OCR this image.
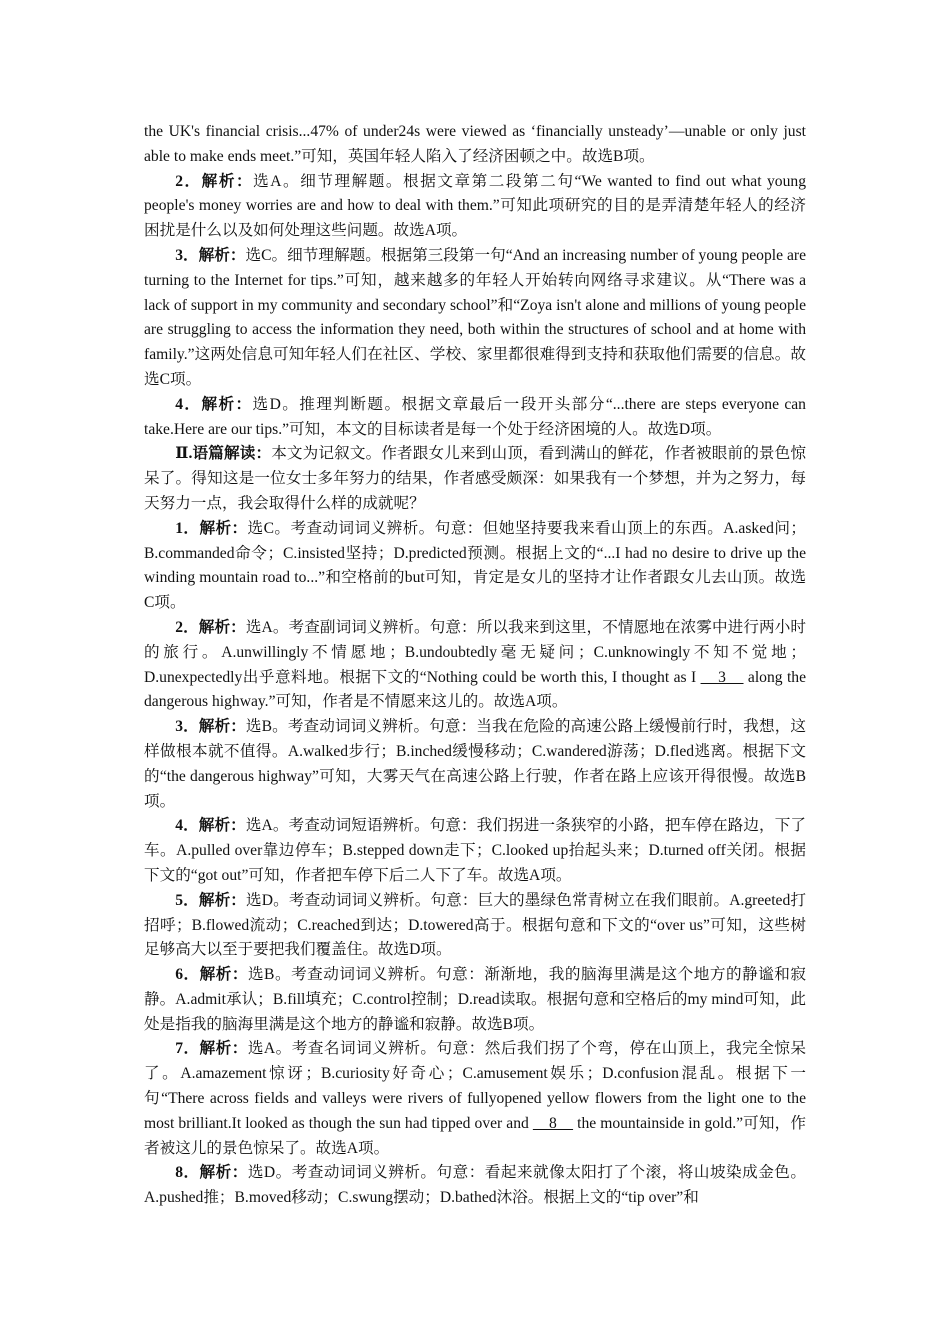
the UK's financial crisis...47% of under24s were viewed as ‘financially unsteady’—unable or only just able to make ends meet.”可知，英国年轻人陷入了经济困顿之中。故选B项。

2．解析：选A。细节理解题。根据文章第二段第二句“We wanted to find out what young people's money worries are and how to deal with them.”可知此项研究的目的是弄清楚年轻人的经济困扰是什么以及如何处理这些问题。故选A项。

3．解析：选C。细节理解题。根据第三段第一句“And an increasing number of young people are turning to the Internet for tips.”可知，越来越多的年轻人开始转向网络寻求建议。从“There was a lack of support in my community and secondary school”和“Zoya isn't alone and millions of young people are struggling to access the information they need, both within the structures of school and at home with family.”这两处信息可知年轻人们在社区、学校、家里都很难得到支持和获取他们需要的信息。故选C项。

4．解析：选D。推理判断题。根据文章最后一段开头部分“...there are steps everyone can take.Here are our tips.”可知，本文的目标读者是每一个处于经济困境的人。故选D项。

Ⅱ.语篇解读：本文为记叙文。作者跟女儿来到山顶，看到满山的鲜花，作者被眼前的景色惊呆了。得知这是一位女士多年努力的结果，作者感受颇深：如果我有一个梦想，并为之努力，每天努力一点，我会取得什么样的成就呢？

1．解析：选C。考查动词词义辨析。句意：但她坚持要我来看山顶上的东西。A.asked问；B.commanded命令；C.insisted坚持；D.predicted预测。根据上文的“...I had no desire to drive up the winding mountain road to...”和空格前的but可知，肯定是女儿的坚持才让作者跟女儿去山顶。故选C项。

2．解析：选A。考查副词词义辨析。句意：所以我来到这里，不情愿地在浓雾中进行两小时的旅行。A.unwillingly不情愿地；B.undoubtedly毫无疑问；C.unknowingly不知不觉地；D.unexpectedly出乎意料地。根据下文的“Nothing could be worth this, I thought as I     3     along the dangerous highway.”可知，作者是不情愿来这儿的。故选A项。

3．解析：选B。考查动词词义辨析。句意：当我在危险的高速公路上缓慢前行时，我想，这样做根本就不值得。A.walked步行；B.inched缓慢移动；C.wandered游荡；D.fled逃离。根据下文的“the dangerous highway”可知，大雾天气在高速公路上行驶，作者在路上应该开得很慢。故选B项。

4．解析：选A。考查动词短语辨析。句意：我们拐进一条狭窄的小路，把车停在路边，下了车。A.pulled over靠边停车；B.stepped down走下；C.looked up抬起头来；D.turned off关闭。根据下文的“got out”可知，作者把车停下后二人下了车。故选A项。

5．解析：选D。考查动词词义辨析。句意：巨大的墨绿色常青树立在我们眼前。A.greeted打招呼；B.flowed流动；C.reached到达；D.towered高于。根据句意和下文的“over us”可知，这些树足够高大以至于要把我们覆盖住。故选D项。

6．解析：选B。考查动词词义辨析。句意：渐渐地，我的脑海里满是这个地方的静谧和寂静。A.admit承认；B.fill填充；C.control控制；D.read读取。根据句意和空格后的my mind可知，此处是指我的脑海里满是这个地方的静谧和寂静。故选B项。

7．解析：选A。考查名词词义辨析。句意：然后我们拐了个弯，停在山顶上，我完全惊呆了。A.amazement惊讶；B.curiosity好奇心；C.amusement娱乐；D.confusion混乱。根据下一句“There across fields and valleys were rivers of fullyopened yellow flowers from the light one to the most brilliant.It looked as though the sun had tipped over and     8     the mountainside in gold.”可知，作者被这儿的景色惊呆了。故选A项。

8．解析：选D。考查动词词义辨析。句意：看起来就像太阳打了个滚，将山坡染成金色。A.pushed推；B.moved移动；C.swung摆动；D.bathed沐浴。根据上文的“tip over”和
